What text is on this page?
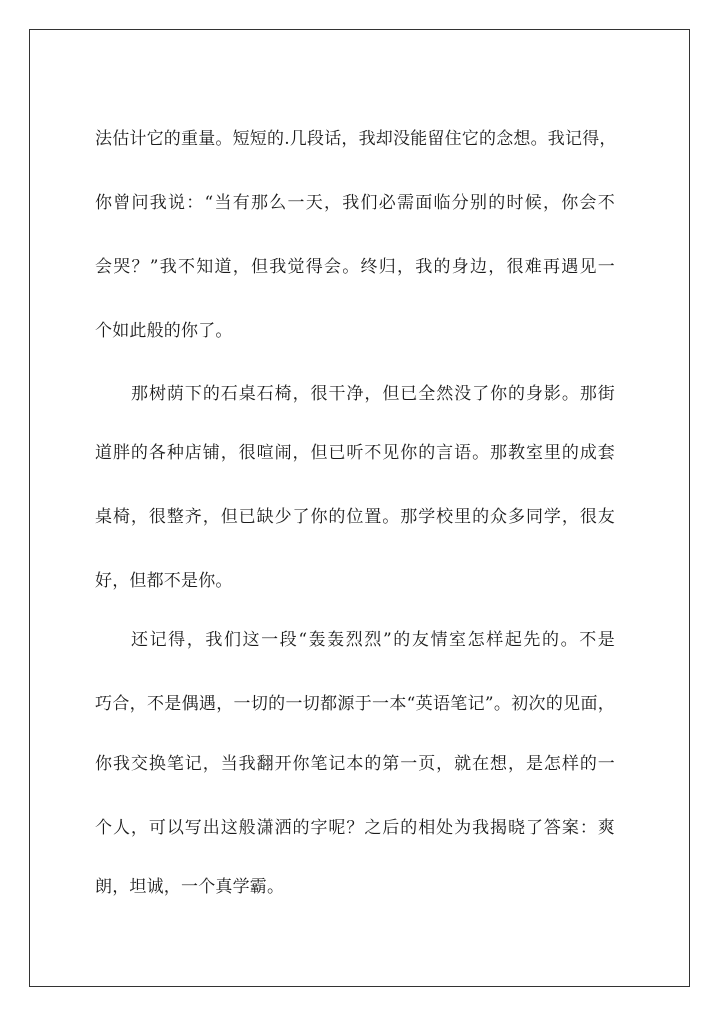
法估计它的重量。短短的.几段话，我却没能留住它的念想。我记得，
你曾问我说：“当有那么一天，我们必需面临分别的时候，你会不
会哭？”我不知道，但我觉得会。终归，我的身边，很难再遇见一
个如此般的你了。
那树荫下的石桌石椅，很干净，但已全然没了你的身影。那街
道胖的各种店铺，很喧闹，但已听不见你的言语。那教室里的成套
桌椅，很整齐，但已缺少了你的位置。那学校里的众多同学，很友
好，但都不是你。
还记得，我们这一段“轰轰烈烈”的友情室怎样起先的。不是
巧合，不是偶遇，一切的一切都源于一本“英语笔记”。初次的见面，
你我交换笔记，当我翻开你笔记本的第一页，就在想，是怎样的一
个人，可以写出这般潇洒的字呢？之后的相处为我揭晓了答案：爽
朗，坦诚，一个真学霸。
